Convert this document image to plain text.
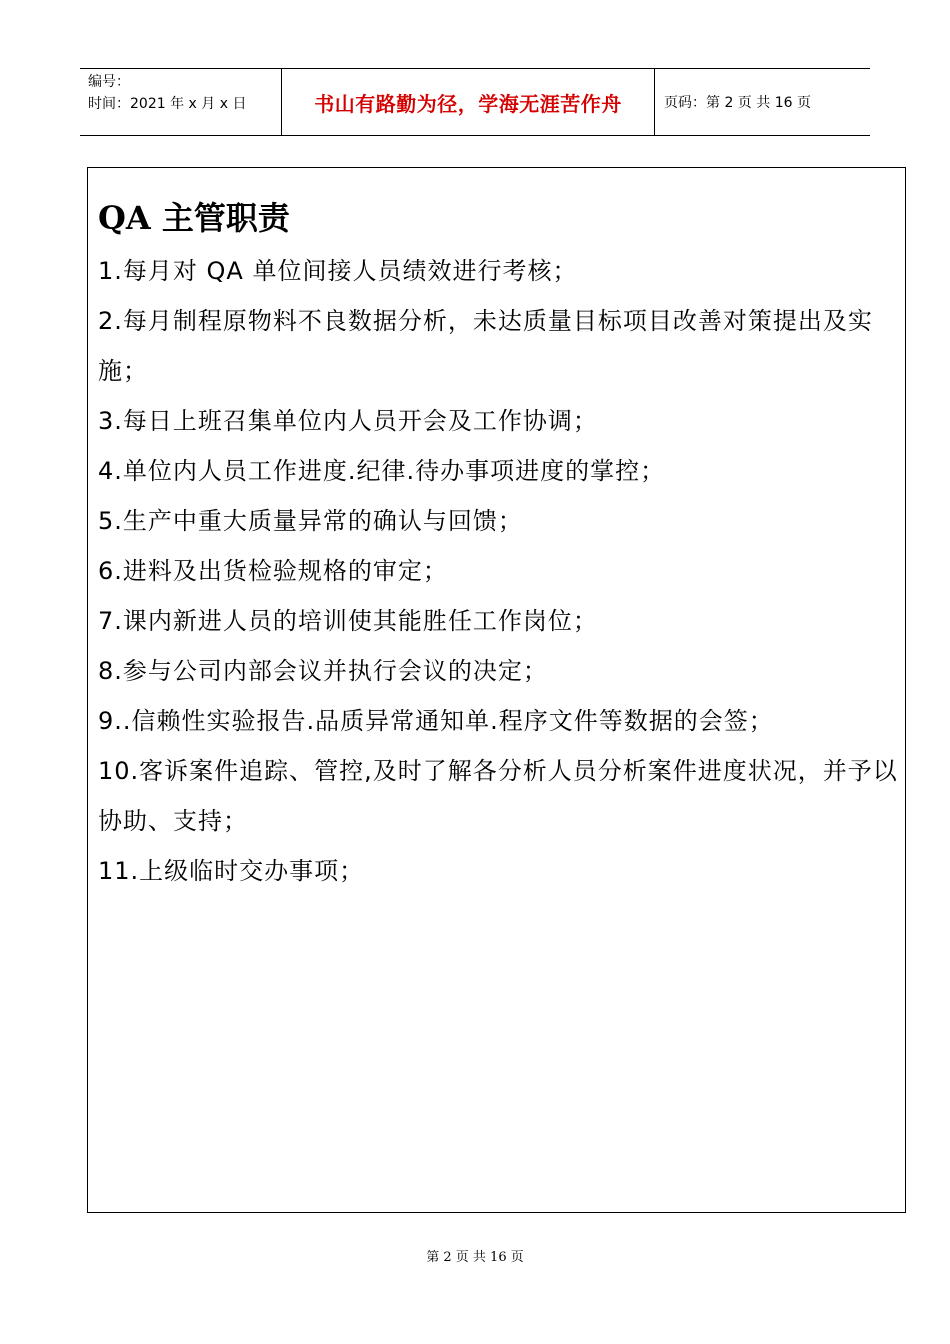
编号：
时间：2021 年 x 月 x 日	书山有路勤为径，学海无涯苦作舟	页码：第 2 页 共 16 页
QA 主管职责
1.每月对 QA 单位间接人员绩效进行考核；
2.每月制程原物料不良数据分析，未达质量目标项目改善对策提出及实施；
3.每日上班召集单位内人员开会及工作协调；
4.单位内人员工作进度.纪律.待办事项进度的掌控；
5.生产中重大质量异常的确认与回馈；
6.进料及出货检验规格的审定；
7.课内新进人员的培训使其能胜任工作岗位；
8.参与公司内部会议并执行会议的决定；
9..信赖性实验报告.品质异常通知单.程序文件等数据的会签；
10.客诉案件追踪、管控,及时了解各分析人员分析案件进度状况，并予以协助、支持；
11.上级临时交办事项；
第 2 页 共 16 页
